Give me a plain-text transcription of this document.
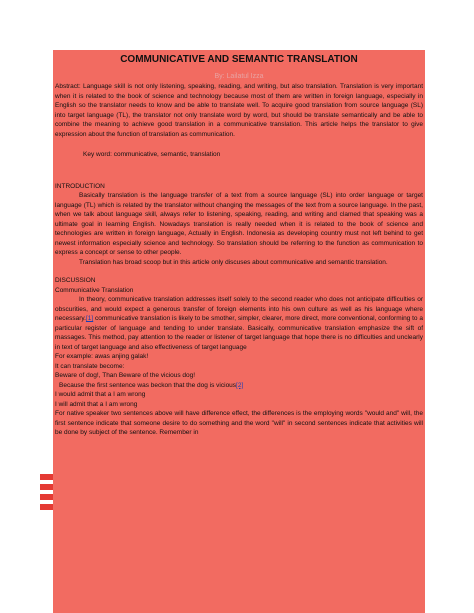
COMMUNICATIVE AND SEMANTIC TRANSLATION
By: Lailatul Izza

Abstract: Language skill is not only listening, speaking, reading, and writing, but also translation. Translation is very important when it is related to the book of science and technology because most of them are written in foreign language, especially in English so the translator needs to know and be able to translate well. To acquire good translation from source language (SL) into target language (TL), the translator not only translate word by word, but should be translate semantically and be able to combine the meaning to achieve good translation in a communicative translation. This article helps the translator to give expression about the function of translation as communication.

Key word: communicative, semantic, translation

INTRODUCTION

Basically translation is the language transfer of a text from a source language (SL) into order language or target language (TL) which is related by the translator without changing the messages of the text from a source language. In the past, when we talk about language skill, always refer to listening, speaking, reading, and writing and clamed that speaking was a ultimate goal in learning English. Nowadays translation is really needed when it is related to the book of science and technologies are written in foreign language, Actually in English. Indonesia as developing country must not left behind to get newest information especially science and technology. So translation should be referring to the function as communication to express a concept or sense to other people.

Translation has broad scoop but in this article only discuses about communicative and semantic translation.

DISCUSSION

Communicative Translation

In theory, communicative translation addresses itself solely to the second reader who does not anticipate difficulties or obscurities, and would expect a generous transfer of foreign elements into his own culture as well as his language where necessary.[1] communicative translation is likely to be smother, simpler, clearer, more direct, more conventional, conforming to a particular register of language and tending to under translate. Basically, communicative translation emphasize the sift of massages. This method, pay attention to the reader or listener of target language that hope there is no difficulties and unclearly in text of target language and also effectiveness of target language

For example: awas anjing galak!

It can translate become:

Beware of dog!, Than Beware of the vicious dog!

Because the first sentence was beckon that the dog is vicious[2]

I would admit that a I am wrong

I will admit that a I am wrong

For native speaker two sentences above will have difference effect, the differences is the employing words "would and" will, the first sentence indicate that someone desire to do something and the word "will" in second sentences indicate that activities will be done by subject of the sentence. Remember in
